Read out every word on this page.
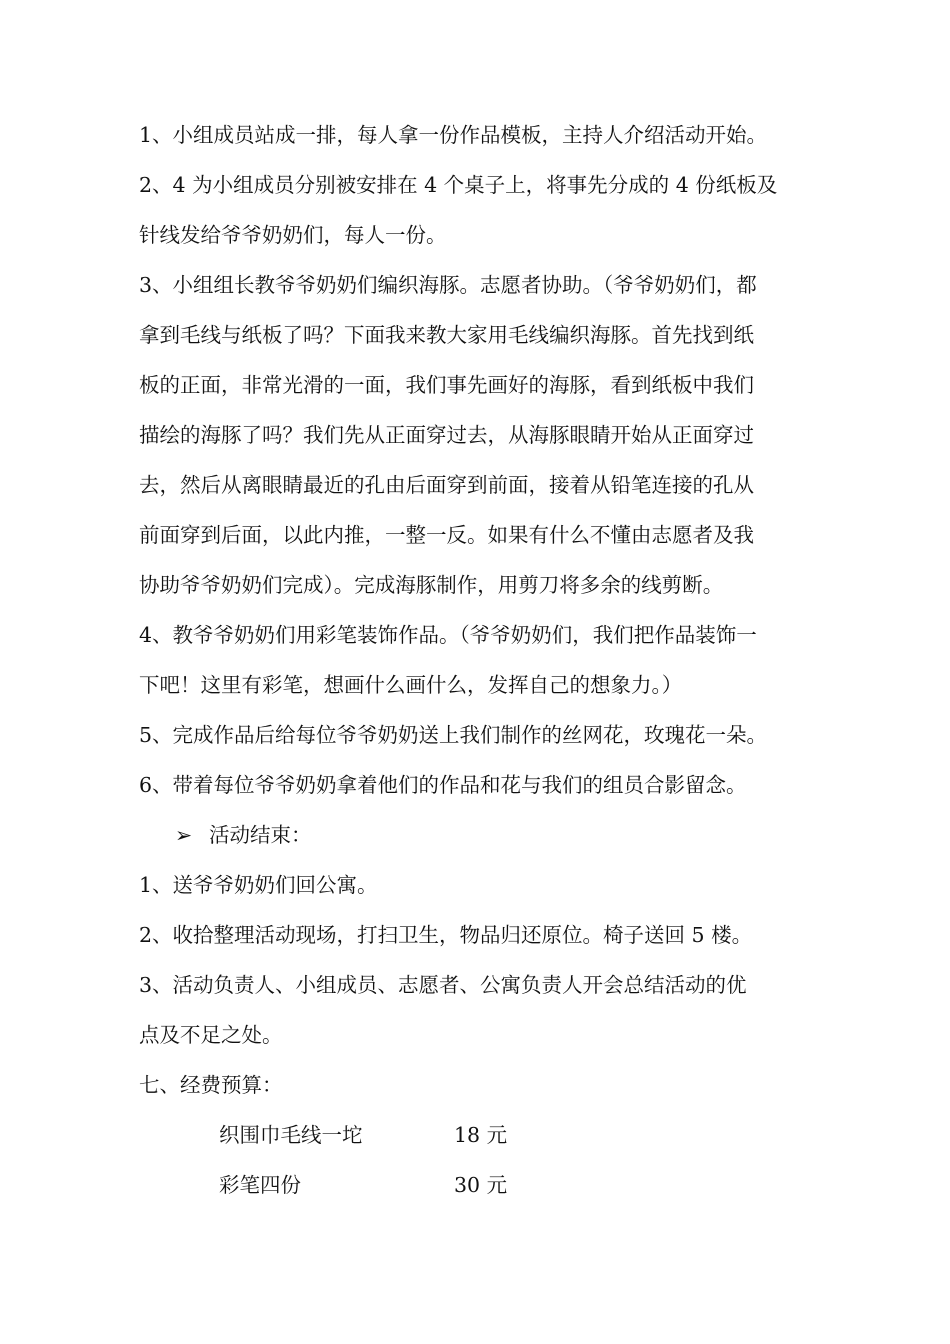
1、小组成员站成一排，每人拿一份作品模板，主持人介绍活动开始。
2、4 为小组成员分别被安排在 4 个桌子上，将事先分成的 4 份纸板及
针线发给爷爷奶奶们，每人一份。
3、小组组长教爷爷奶奶们编织海豚。志愿者协助。（爷爷奶奶们，都
拿到毛线与纸板了吗？下面我来教大家用毛线编织海豚。首先找到纸
板的正面，非常光滑的一面，我们事先画好的海豚，看到纸板中我们
描绘的海豚了吗？我们先从正面穿过去，从海豚眼睛开始从正面穿过
去，然后从离眼睛最近的孔由后面穿到前面，接着从铅笔连接的孔从
前面穿到后面，以此内推，一整一反。如果有什么不懂由志愿者及我
协助爷爷奶奶们完成）。完成海豚制作，用剪刀将多余的线剪断。
4、教爷爷奶奶们用彩笔装饰作品。（爷爷奶奶们，我们把作品装饰一
下吧！这里有彩笔，想画什么画什么，发挥自己的想象力。）
5、完成作品后给每位爷爷奶奶送上我们制作的丝网花，玫瑰花一朵。
6、带着每位爷爷奶奶拿着他们的作品和花与我们的组员合影留念。
➢ 活动结束：
1、送爷爷奶奶们回公寓。
2、收拾整理活动现场，打扫卫生，物品归还原位。椅子送回 5 楼。
3、活动负责人、小组成员、志愿者、公寓负责人开会总结活动的优
点及不足之处。
七、经费预算：
织围巾毛线一坨	18 元
彩笔四份	30 元
